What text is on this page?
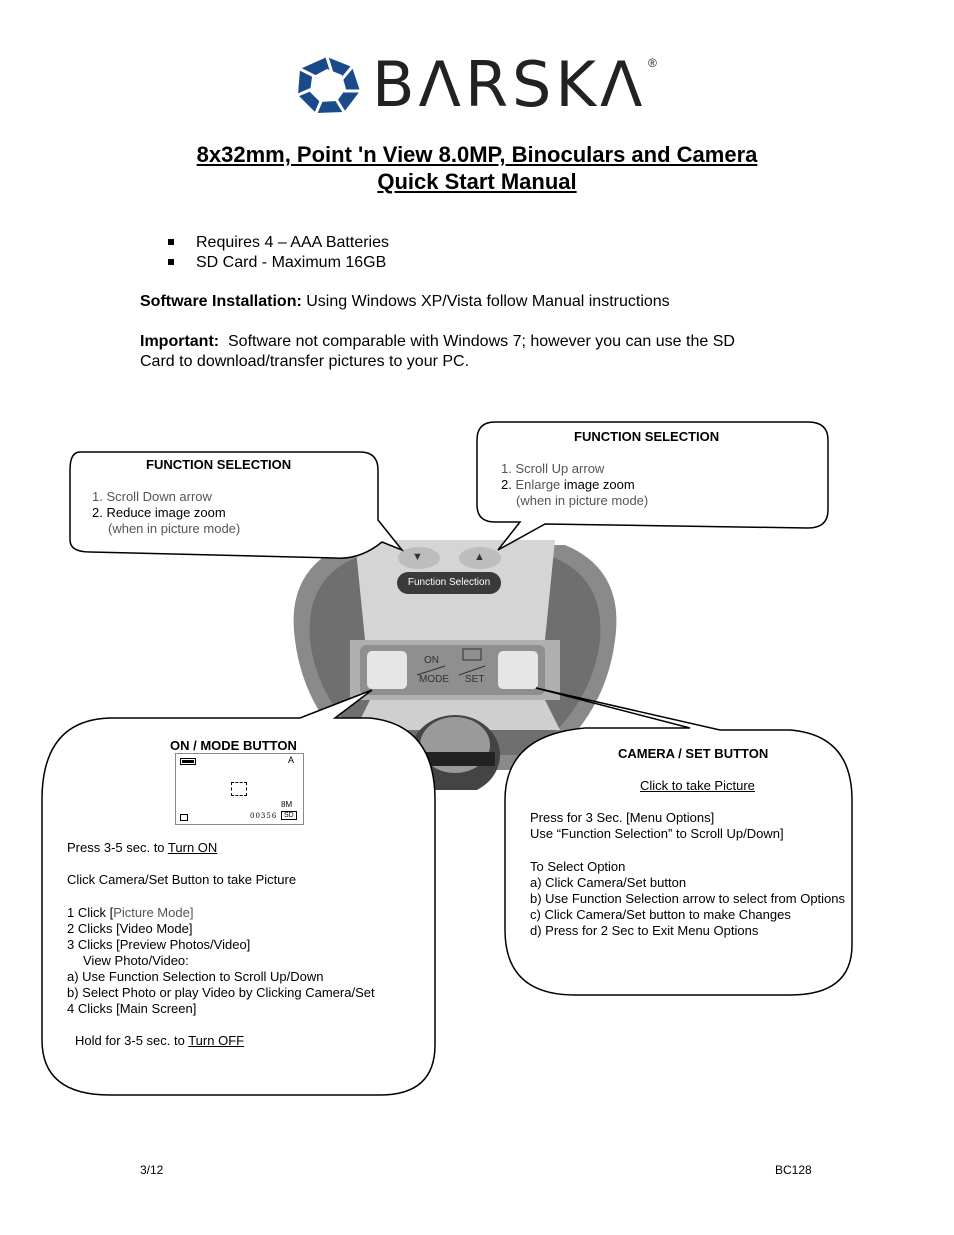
BΛRSKΛ ®
8x32mm, Point 'n View 8.0MP, Binoculars and Camera
Quick Start Manual
Requires 4 – AAA Batteries
SD Card - Maximum 16GB
Software Installation: Using Windows XP/Vista follow Manual instructions
Important: Software not comparable with Windows 7; however you can use the SD
Card to download/transfer pictures to your PC.
▼	▲
Function Selection
ON
MODE SET
FUNCTION SELECTION
1. Scroll Down arrow
2. Reduce image zoom
(when in picture mode)
FUNCTION SELECTION
1. Scroll Up arrow
2. Enlarge image zoom
(when in picture mode)
ON / MODE BUTTON
A
8M
00356 SD
Press 3-5 sec. to Turn ON
Click Camera/Set Button to take Picture
1 Click [Picture Mode]
2 Clicks [Video Mode]
3 Clicks [Preview Photos/Video]
View Photo/Video:
a) Use Function Selection to Scroll Up/Down
b) Select Photo or play Video by Clicking Camera/Set
4 Clicks [Main Screen]
Hold for 3-5 sec. to Turn OFF
CAMERA / SET BUTTON
Click to take Picture
Press for 3 Sec. [Menu Options]
Use “Function Selection” to Scroll Up/Down]
To Select Option
a) Click Camera/Set button
b) Use Function Selection arrow to select from Options
c) Click Camera/Set button to make Changes
d) Press for 2 Sec to Exit Menu Options
3/12	BC128
